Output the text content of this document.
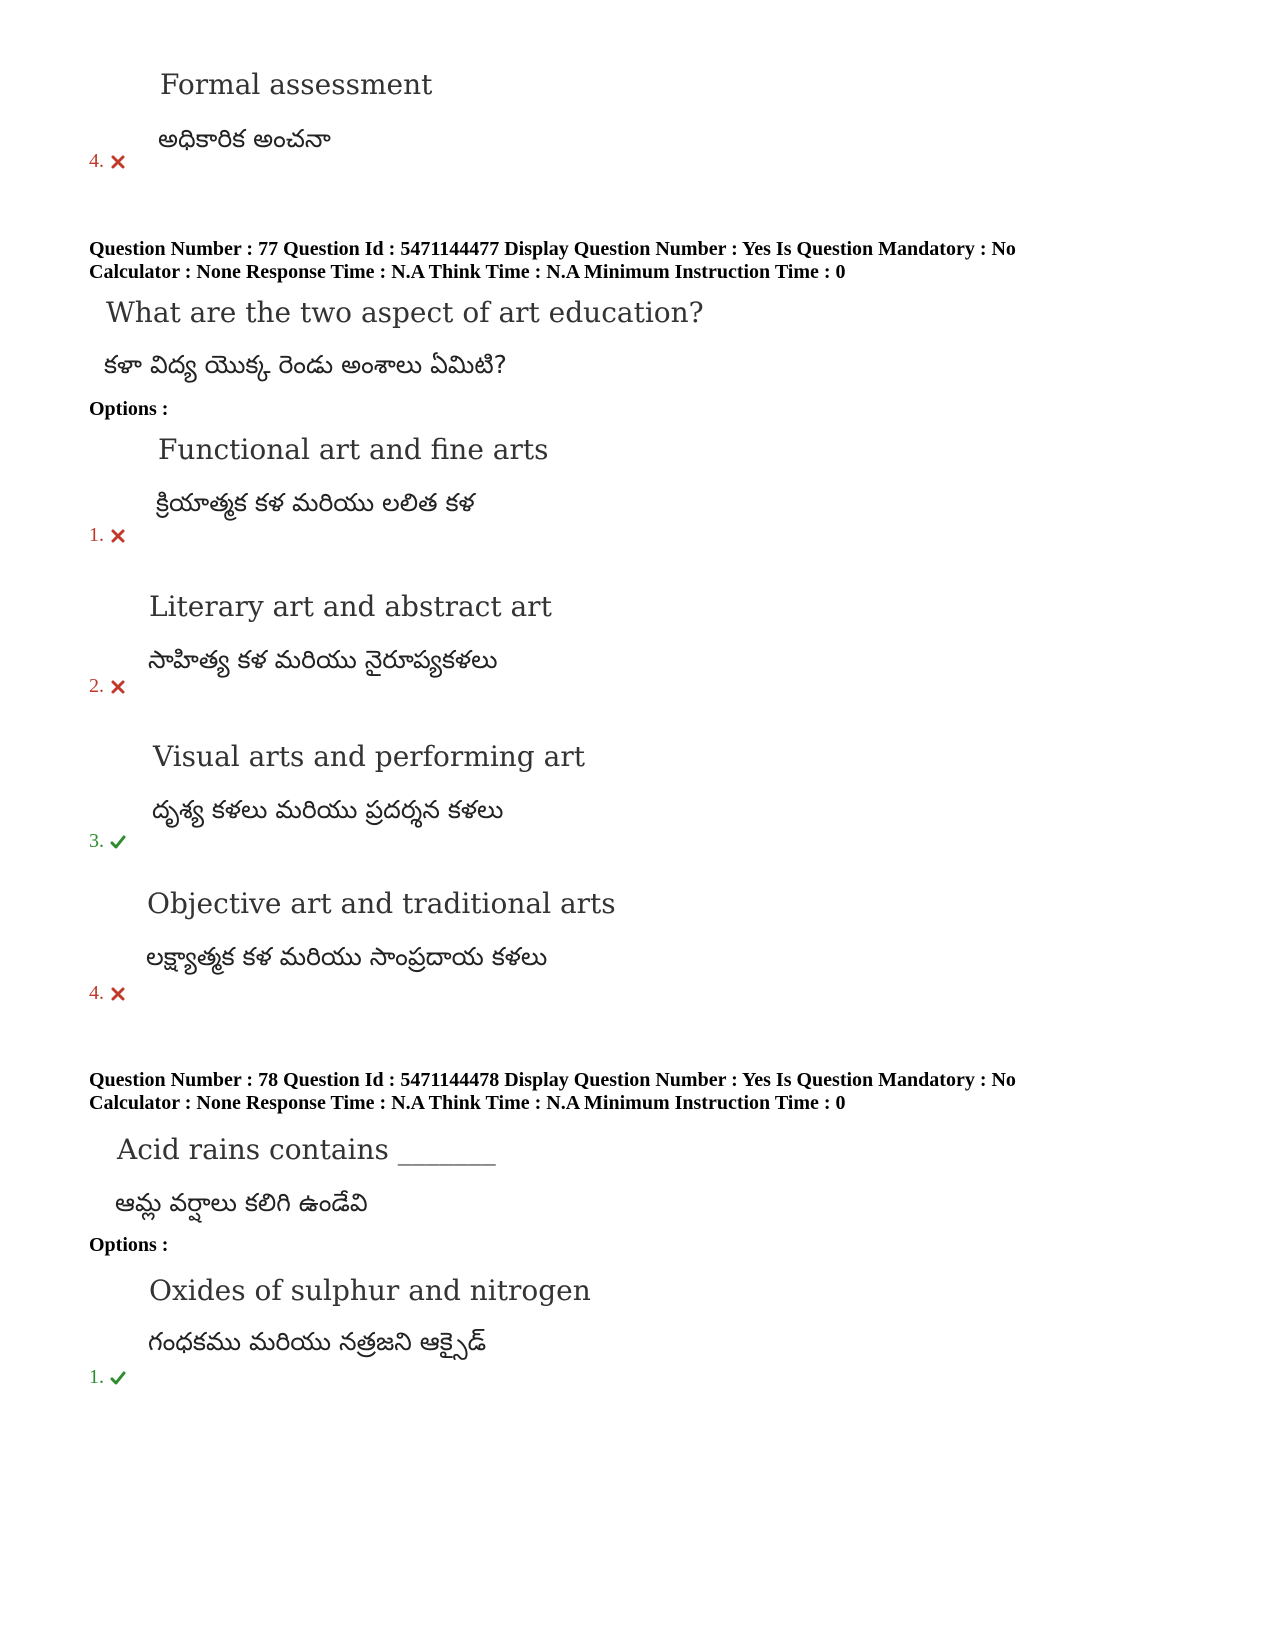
Formal assessment
అధికారిక అంచనా
4.
Question Number : 77 Question Id : 5471144477 Display Question Number : Yes Is Question Mandatory : No
Calculator : None Response Time : N.A Think Time : N.A Minimum Instruction Time : 0
What are the two aspect of art education?
కళా విద్య యొక్క రెండు అంశాలు ఏమిటి?
Options :
Functional art and fine arts
క్రియాత్మక కళ మరియు లలిత కళ
1.
Literary art and abstract art
సాహిత్య కళ మరియు నైరూప్యకళలు
2.
Visual arts and performing art
దృశ్య కళలు మరియు ప్రదర్శన కళలు
3.
Objective art and traditional arts
లక్ష్యాత్మక కళ మరియు సాంప్రదాయ కళలు
4.
Question Number : 78 Question Id : 5471144478 Display Question Number : Yes Is Question Mandatory : No
Calculator : None Response Time : N.A Think Time : N.A Minimum Instruction Time : 0
Acid rains contains _______
ఆమ్ల వర్షాలు కలిగి ఉండేవి
Options :
Oxides of sulphur and nitrogen
గంధకము మరియు నత్రజని ఆక్సైడ్
1.
